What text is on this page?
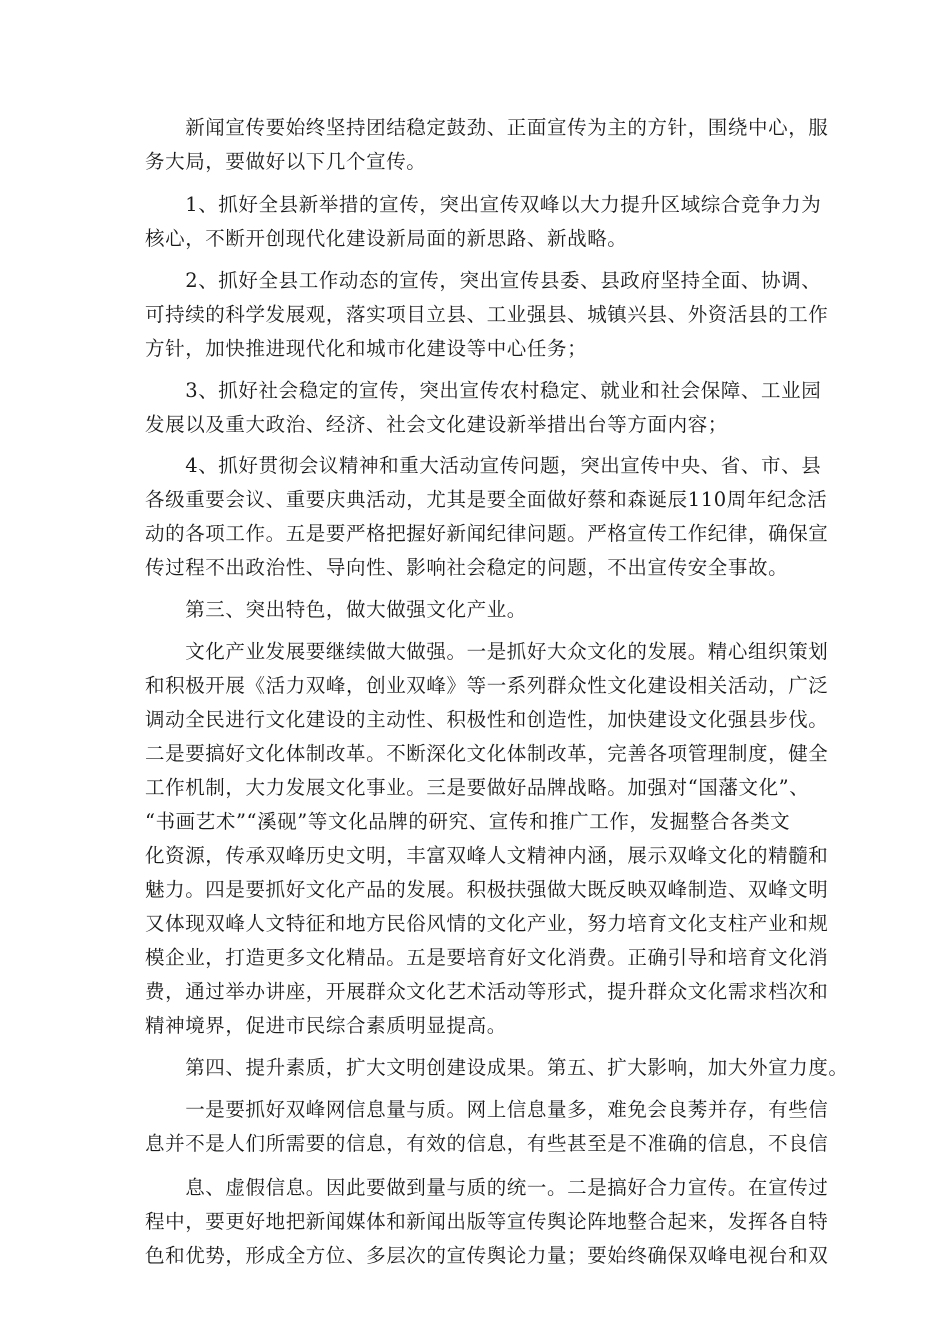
　　新闻宣传要始终坚持团结稳定鼓劲、正面宣传为主的方针，围绕中心，服
务大局，要做好以下几个宣传。
　　1、抓好全县新举措的宣传，突出宣传双峰以大力提升区域综合竞争力为
核心，不断开创现代化建设新局面的新思路、新战略。
　　2、抓好全县工作动态的宣传，突出宣传县委、县政府坚持全面、协调、
可持续的科学发展观，落实项目立县、工业强县、城镇兴县、外资活县的工作
方针，加快推进现代化和城市化建设等中心任务；
　　3、抓好社会稳定的宣传，突出宣传农村稳定、就业和社会保障、工业园
发展以及重大政治、经济、社会文化建设新举措出台等方面内容；
　　4、抓好贯彻会议精神和重大活动宣传问题，突出宣传中央、省、市、县
各级重要会议、重要庆典活动，尤其是要全面做好蔡和森诞辰110周年纪念活
动的各项工作。五是要严格把握好新闻纪律问题。严格宣传工作纪律，确保宣
传过程不出政治性、导向性、影响社会稳定的问题，不出宣传安全事故。
　　第三、突出特色，做大做强文化产业。
　　文化产业发展要继续做大做强。一是抓好大众文化的发展。精心组织策划
和积极开展《活力双峰，创业双峰》等一系列群众性文化建设相关活动，广泛
调动全民进行文化建设的主动性、积极性和创造性，加快建设文化强县步伐。
二是要搞好文化体制改革。不断深化文化体制改革，完善各项管理制度，健全
工作机制，大力发展文化事业。三是要做好品牌战略。加强对“国藩文化”、
“书画艺术”“溪砚”等文化品牌的研究、宣传和推广工作，发掘整合各类文
化资源，传承双峰历史文明，丰富双峰人文精神内涵，展示双峰文化的精髓和
魅力。四是要抓好文化产品的发展。积极扶强做大既反映双峰制造、双峰文明
又体现双峰人文特征和地方民俗风情的文化产业，努力培育文化支柱产业和规
模企业，打造更多文化精品。五是要培育好文化消费。正确引导和培育文化消
费，通过举办讲座，开展群众文化艺术活动等形式，提升群众文化需求档次和
精神境界，促进市民综合素质明显提高。
　　第四、提升素质，扩大文明创建设成果。第五、扩大影响，加大外宣力度。
　　一是要抓好双峰网信息量与质。网上信息量多，难免会良莠并存，有些信
息并不是人们所需要的信息，有效的信息，有些甚至是不准确的信息，不良信
　　息、虚假信息。因此要做到量与质的统一。二是搞好合力宣传。在宣传过
程中，要更好地把新闻媒体和新闻出版等宣传舆论阵地整合起来，发挥各自特
色和优势，形成全方位、多层次的宣传舆论力量；要始终确保双峰电视台和双
